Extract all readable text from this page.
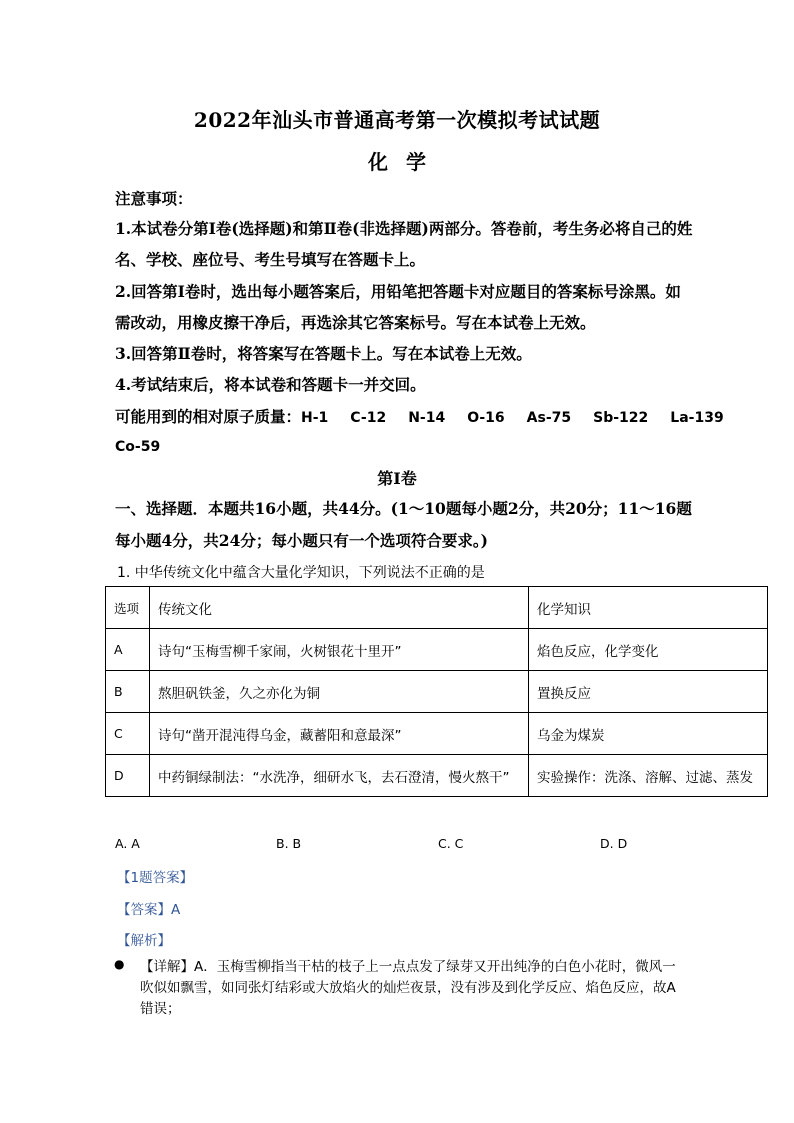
2022年汕头市普通高考第一次模拟考试试题
化学
注意事项：
1.本试卷分第Ⅰ卷(选择题)和第Ⅱ卷(非选择题)两部分。答卷前，考生务必将自己的姓
名、学校、座位号、考生号填写在答题卡上。
2.回答第Ⅰ卷时，选出每小题答案后，用铅笔把答题卡对应题目的答案标号涂黑。如
需改动，用橡皮擦干净后，再选涂其它答案标号。写在本试卷上无效。
3.回答第Ⅱ卷时，将答案写在答题卡上。写在本试卷上无效。
4.考试结束后，将本试卷和答题卡一并交回。
可能用到的相对原子质量：H-1 C-12 N-14 O-16 As-75 Sb-122 La-139
Co-59
第Ⅰ卷
一、选择题．本题共16小题，共44分。(1～10题每小题2分，共20分；11～16题
每小题4分，共24分；每小题只有一个选项符合要求。)
1. 中华传统文化中蕴含大量化学知识，下列说法不正确的是
选项	传统文化	化学知识
A	诗句“玉梅雪柳千家闹，火树银花十里开”	焰色反应，化学变化
B	熬胆矾铁釜，久之亦化为铜	置换反应
C	诗句“凿开混沌得乌金，藏蓄阳和意最深”	乌金为煤炭
D	中药铜绿制法：“水洗净，细研水飞，去石澄清，慢火熬干”	实验操作：洗涤、溶解、过滤、蒸发
A. A	B. B	C. C	D. D
【1题答案】
【答案】A
【解析】
● 【详解】A．玉梅雪柳指当干枯的枝子上一点点发了绿芽又开出纯净的白色小花时，微风一
吹似如飘雪，如同张灯结彩或大放焰火的灿烂夜景，没有涉及到化学反应、焰色反应，故A
错误；
